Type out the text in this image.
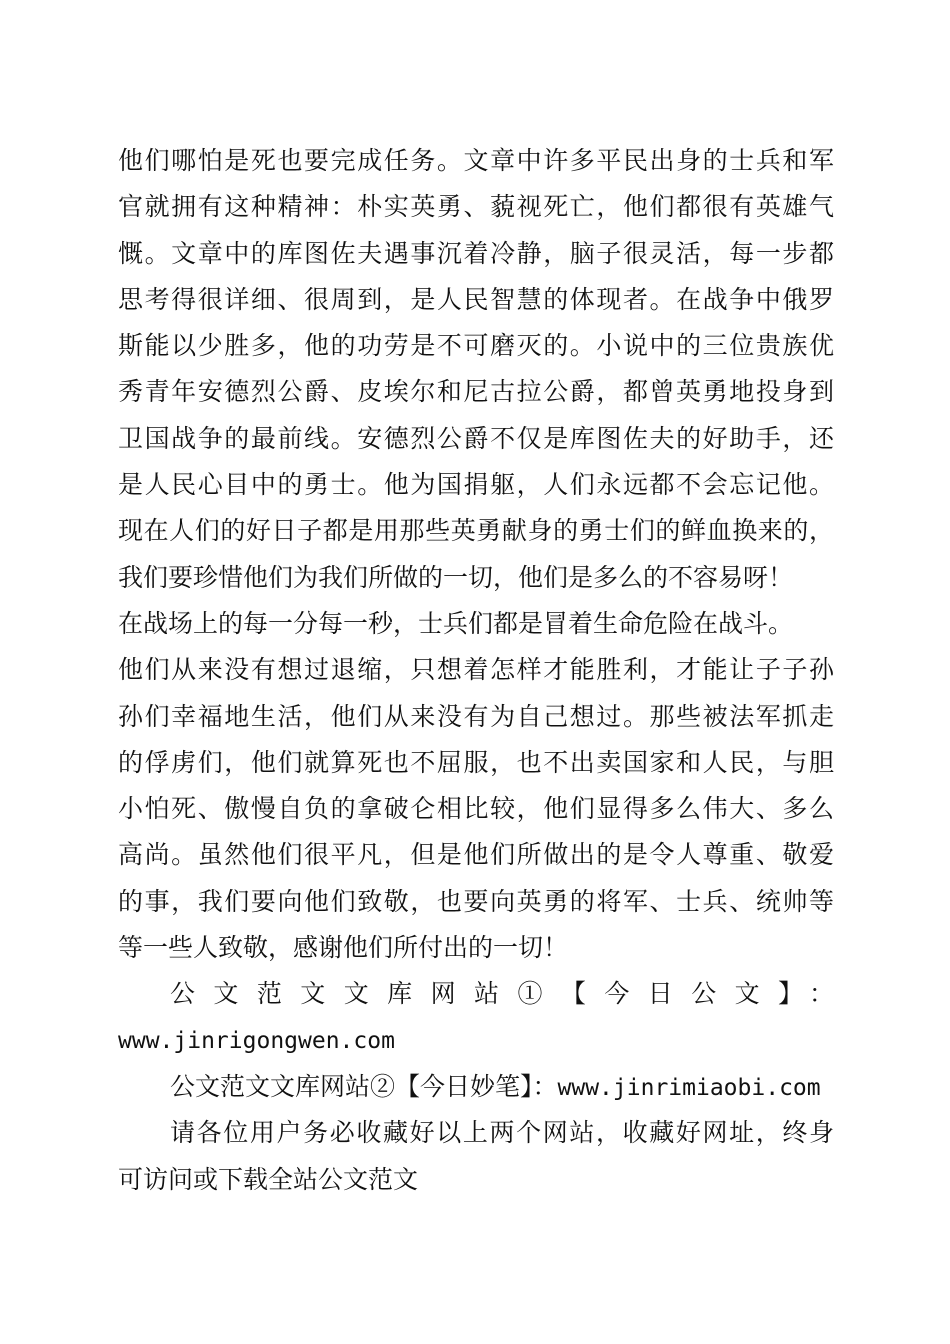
他们哪怕是死也要完成任务。文章中许多平民出身的士兵和军
官就拥有这种精神：朴实英勇、藐视死亡，他们都很有英雄气
慨。文章中的库图佐夫遇事沉着冷静，脑子很灵活，每一步都
思考得很详细、很周到，是人民智慧的体现者。在战争中俄罗
斯能以少胜多，他的功劳是不可磨灭的。小说中的三位贵族优
秀青年安德烈公爵、皮埃尔和尼古拉公爵，都曾英勇地投身到
卫国战争的最前线。安德烈公爵不仅是库图佐夫的好助手，还
是人民心目中的勇士。他为国捐躯，人们永远都不会忘记他。
现在人们的好日子都是用那些英勇献身的勇士们的鲜血换来的，
我们要珍惜他们为我们所做的一切，他们是多么的不容易呀！
在战场上的每一分每一秒，士兵们都是冒着生命危险在战斗。
他们从来没有想过退缩，只想着怎样才能胜利，才能让子子孙
孙们幸福地生活，他们从来没有为自己想过。那些被法军抓走
的俘虏们，他们就算死也不屈服，也不出卖国家和人民，与胆
小怕死、傲慢自负的拿破仑相比较，他们显得多么伟大、多么
高尚。虽然他们很平凡，但是他们所做出的是令人尊重、敬爱
的事，我们要向他们致敬，也要向英勇的将军、士兵、统帅等
等一些人致敬，感谢他们所付出的一切！
公文范文文库网站①【今日公文】：
www.jinrigongwen.com
公文范文文库网站②【今日妙笔】：www.jinrimiaobi.com
请各位用户务必收藏好以上两个网站，收藏好网址，终身
可访问或下载全站公文范文
